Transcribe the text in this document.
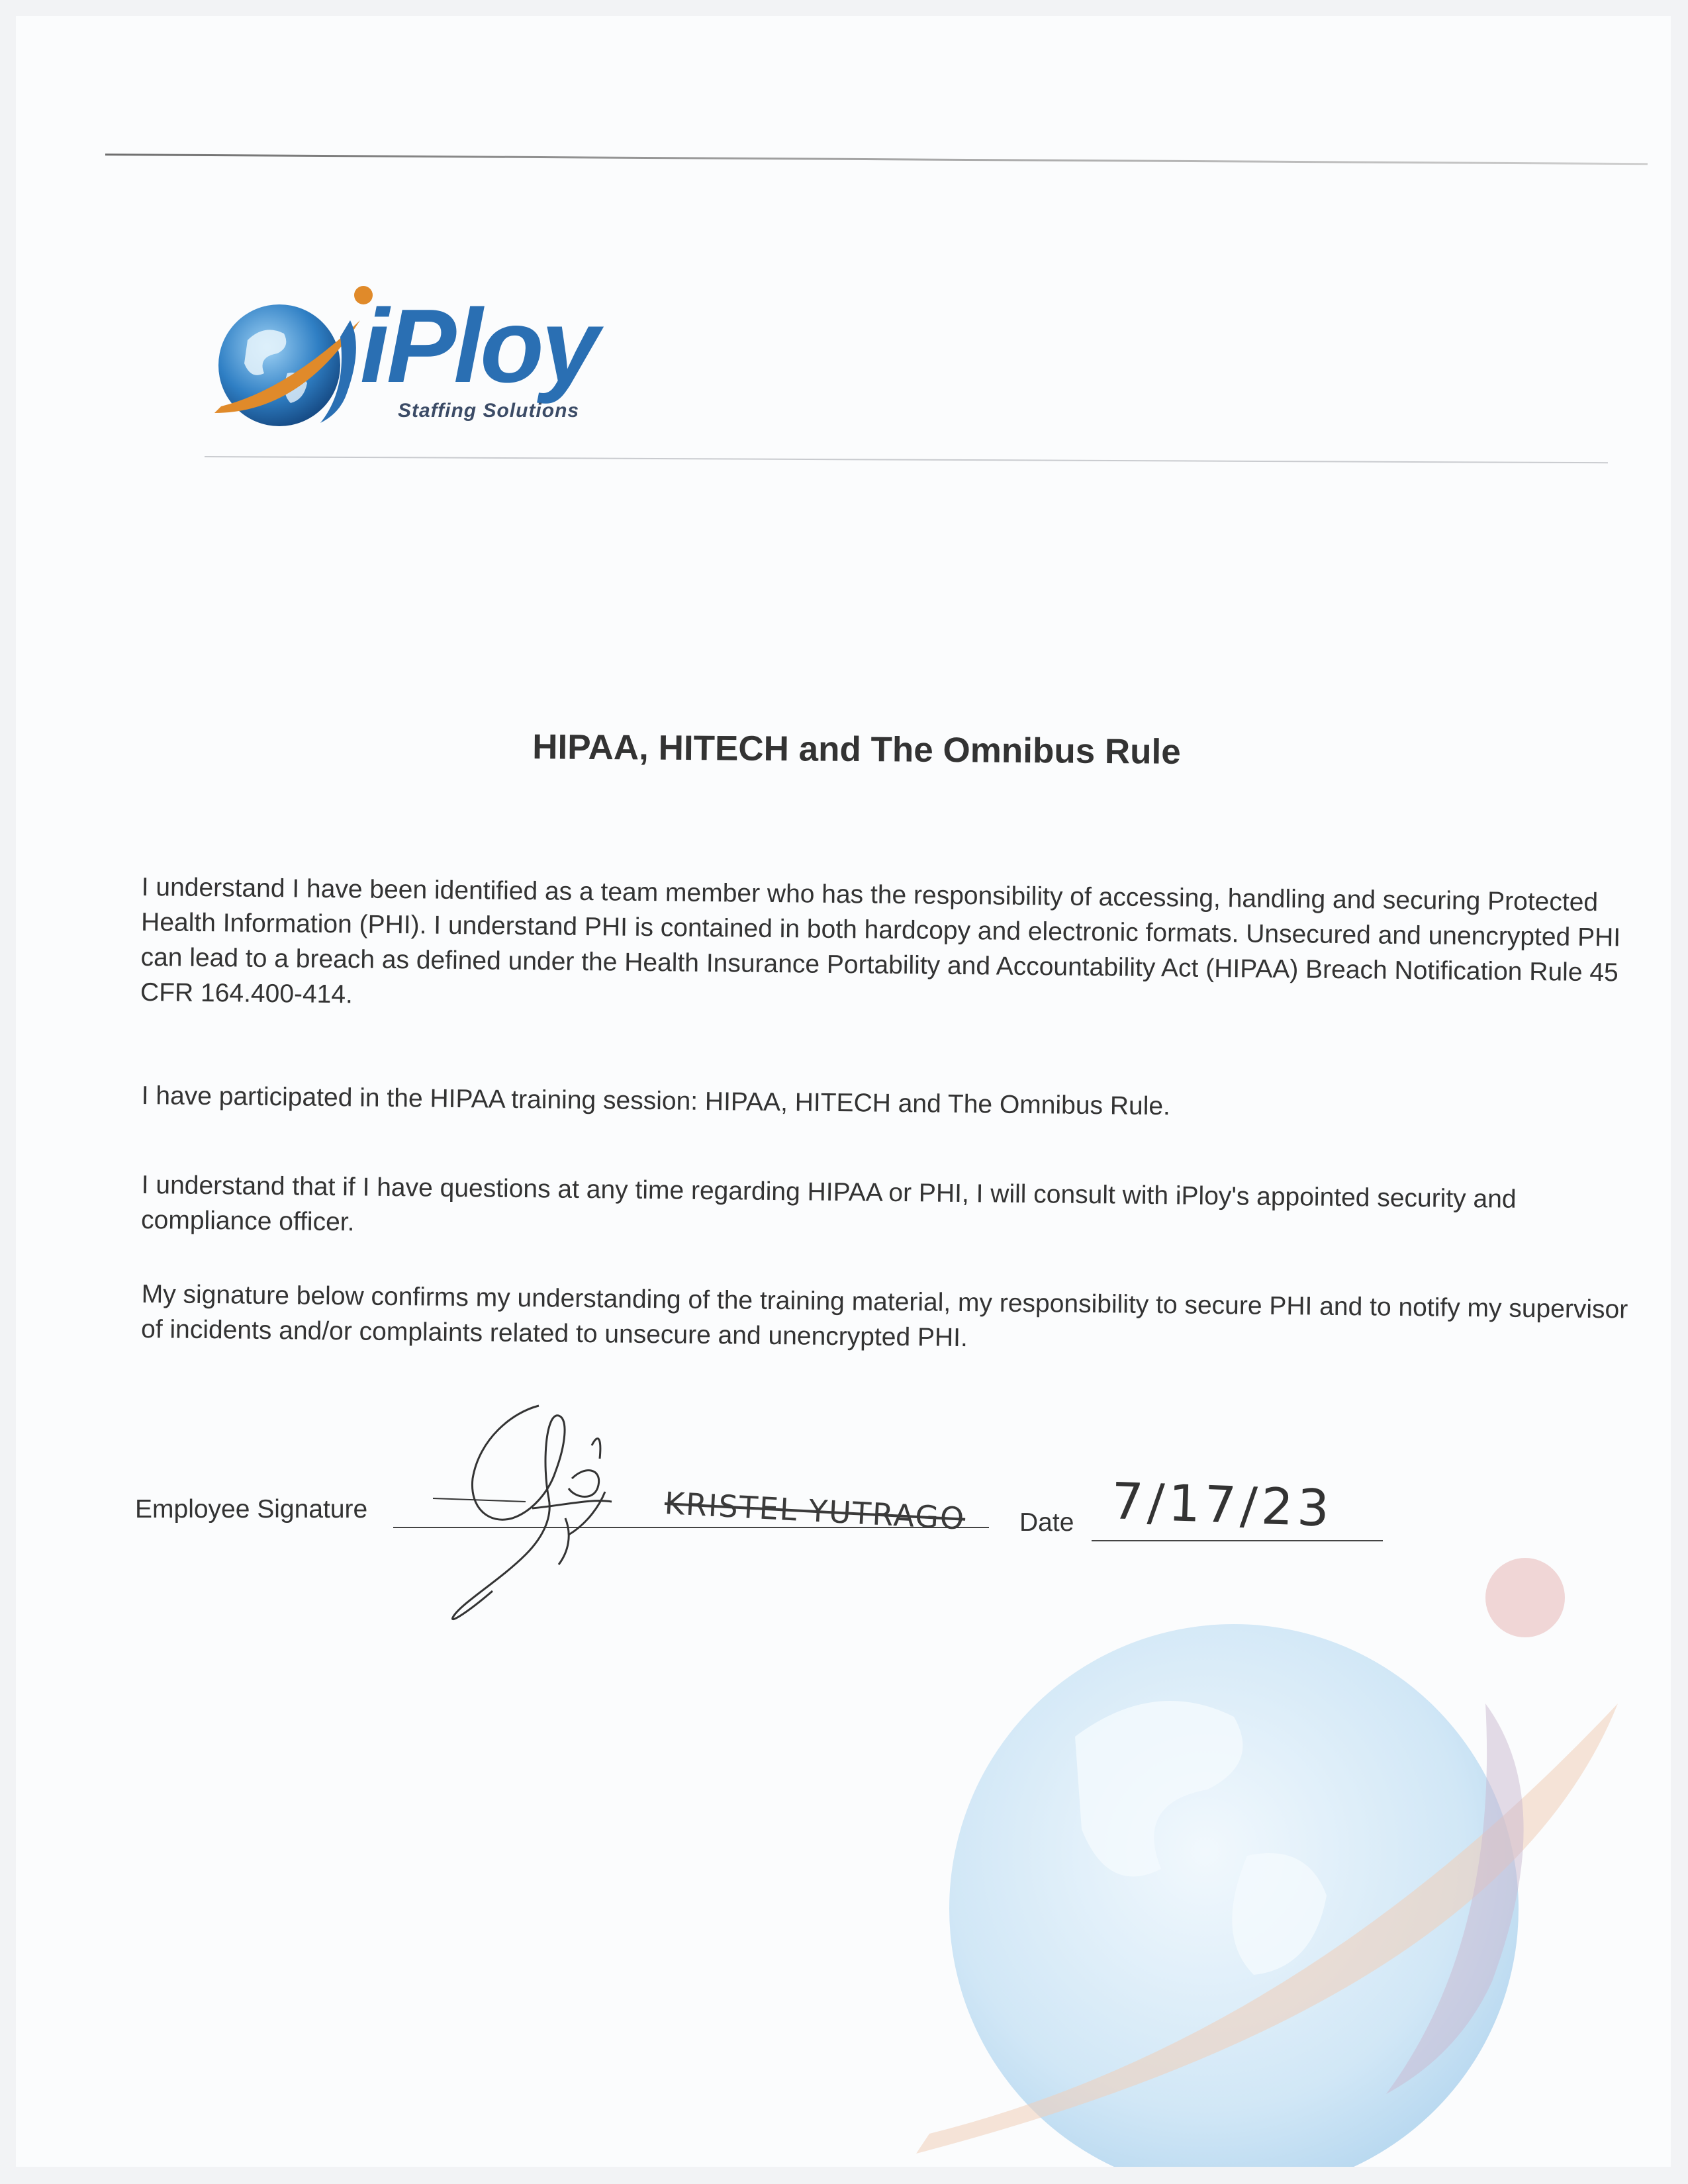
iPloy
Staffing Solutions
HIPAA, HITECH and The Omnibus Rule

I understand I have been identified as a team member who has the responsibility of accessing, handling and securing Protected Health Information (PHI). I understand PHI is contained in both hardcopy and electronic formats. Unsecured and unencrypted PHI can lead to a breach as defined under the Health Insurance Portability and Accountability Act (HIPAA) Breach Notification Rule 45 CFR 164.400-414.

I have participated in the HIPAA training session: HIPAA, HITECH and The Omnibus Rule.

I understand that if I have questions at any time regarding HIPAA or PHI, I will consult with iPloy's appointed security and compliance officer.

My signature below confirms my understanding of the training material, my responsibility to secure PHI and to notify my supervisor of incidents and/or complaints related to unsecure and unencrypted PHI.

Employee Signature	Date
KRISTEL YUTRAGO	7/17/23
